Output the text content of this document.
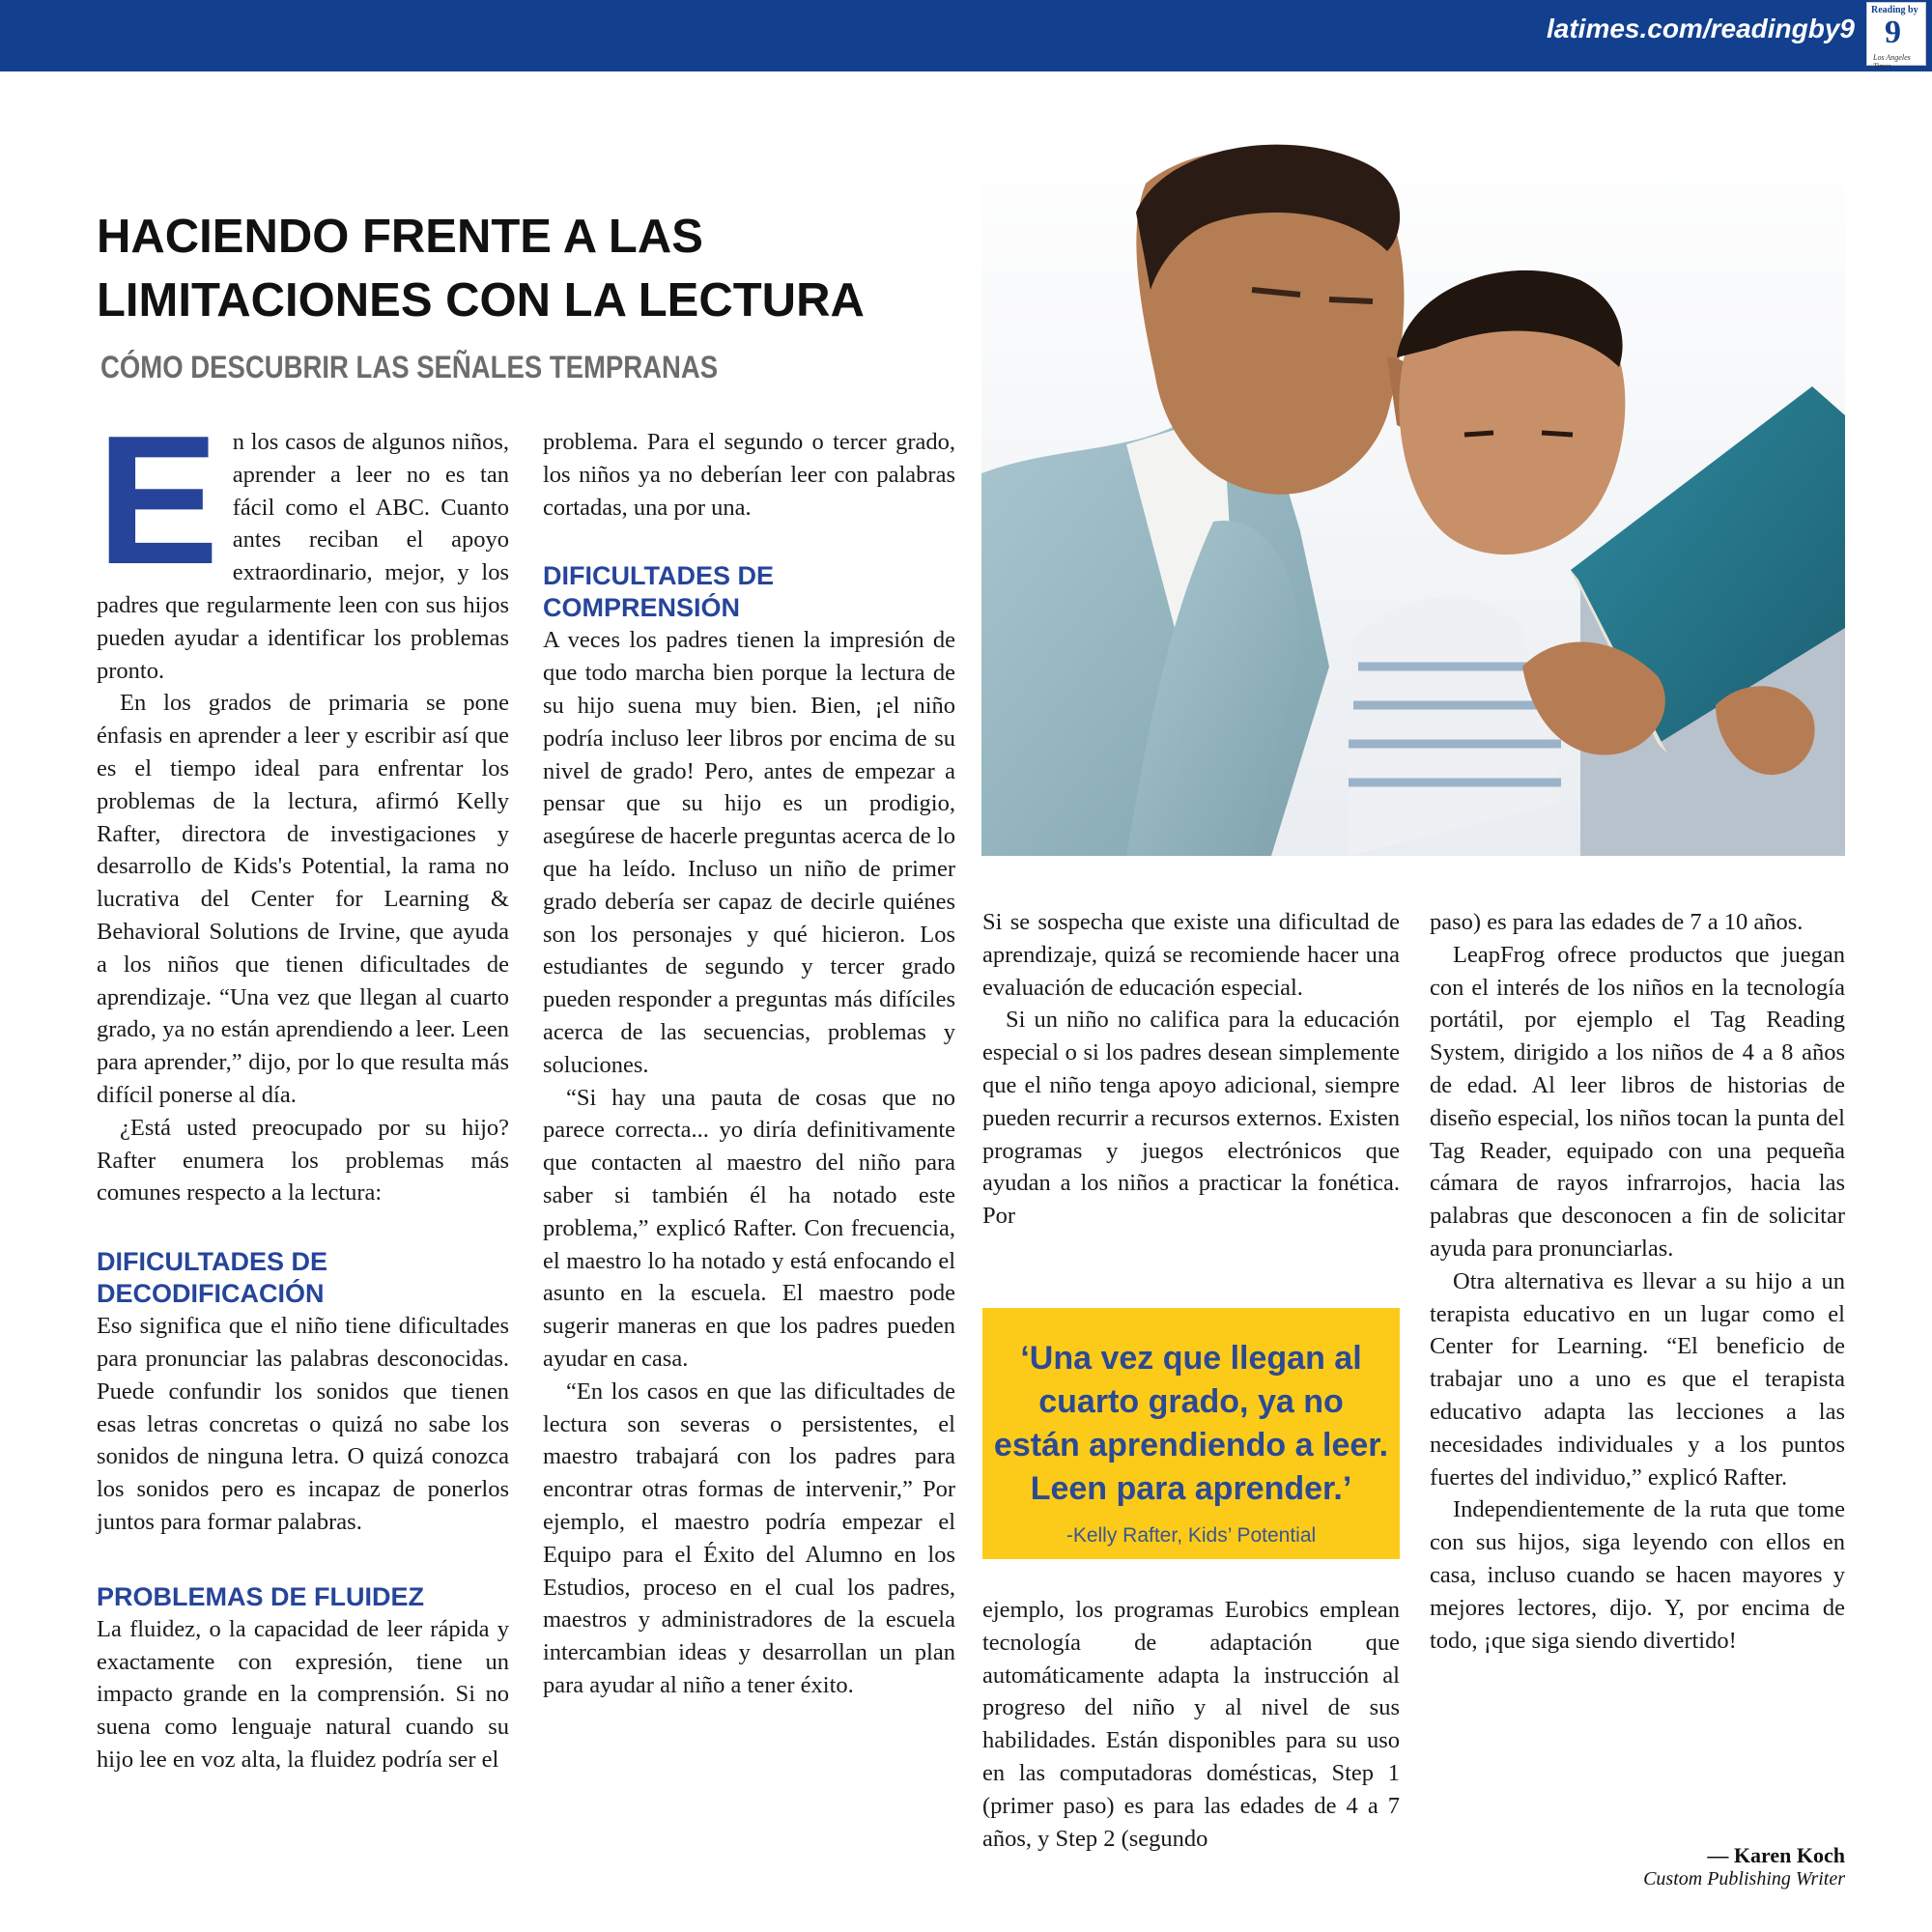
latimes.com/readingby9
Reading by
9
Los Angeles Times
HACIENDO FRENTE A LAS LIMITACIONES CON LA LECTURA
CÓMO DESCUBRIR LAS SEÑALES TEMPRANAS
E n los casos de algunos niños, aprender a leer no es tan fácil como el ABC. Cuanto antes reciban el apoyo extraordinario, mejor, y los padres que regularmente leen con sus hijos pueden ayudar a identificar los problemas pronto.

En los grados de primaria se pone énfasis en aprender a leer y escribir así que es el tiempo ideal para enfrentar los problemas de la lectura, afirmó Kelly Rafter, directora de investigaciones y desarrollo de Kids's Potential, la rama no lucrativa del Center for Learning & Behavioral Solutions de Irvine, que ayuda a los niños que tienen dificultades de aprendizaje. “Una vez que llegan al cuarto grado, ya no están aprendiendo a leer. Leen para aprender,” dijo, por lo que resulta más difícil ponerse al día.

¿Está usted preocupado por su hijo? Rafter enumera los problemas más comunes respecto a la lectura:

DIFICULTADES DE DECODIFICACIÓN

Eso significa que el niño tiene dificultades para pronunciar las palabras desconocidas. Puede confundir los sonidos que tienen esas letras concretas o quizá no sabe los sonidos de ninguna letra. O quizá conozca los sonidos pero es incapaz de ponerlos juntos para formar palabras.

PROBLEMAS DE FLUIDEZ

La fluidez, o la capacidad de leer rápida y exactamente con expresión, tiene un impacto grande en la comprensión. Si no suena como lenguaje natural cuando su hijo lee en voz alta, la fluidez podría ser el

problema. Para el segundo o tercer grado, los niños ya no deberían leer con palabras cortadas, una por una.

DIFICULTADES DE COMPRENSIÓN

A veces los padres tienen la impresión de que todo marcha bien porque la lectura de su hijo suena muy bien. Bien, ¡el niño podría incluso leer libros por encima de su nivel de grado! Pero, antes de empezar a pensar que su hijo es un prodigio, asegúrese de hacerle preguntas acerca de lo que ha leído. Incluso un niño de primer grado debería ser capaz de decirle quiénes son los personajes y qué hicieron. Los estudiantes de segundo y tercer grado pueden responder a preguntas más difíciles acerca de las secuencias, problemas y soluciones.

“Si hay una pauta de cosas que no parece correcta... yo diría definitivamente que contacten al maestro del niño para saber si también él ha notado este problema,” explicó Rafter. Con frecuencia, el maestro lo ha notado y está enfocando el asunto en la escuela. El maestro pode sugerir maneras en que los padres pueden ayudar en casa.

“En los casos en que las dificultades de lectura son severas o persistentes, el maestro trabajará con los padres para encontrar otras formas de intervenir,” Por ejemplo, el maestro podría empezar el Equipo para el Éxito del Alumno en los Estudios, proceso en el cual los padres, maestros y administradores de la escuela intercambian ideas y desarrollan un plan para ayudar al niño a tener éxito.

Si se sospecha que existe una dificultad de aprendizaje, quizá se recomiende hacer una evaluación de educación especial.

Si un niño no califica para la educación especial o si los padres desean simplemente que el niño tenga apoyo adicional, siempre pueden recurrir a recursos externos. Existen programas y juegos electrónicos que ayudan a los niños a practicar la fonética. Por

‘Una vez que llegan al cuarto grado, ya no están aprendiendo a leer. Leen para aprender.’
-Kelly Rafter, Kids’ Potential

ejemplo, los programas Eurobics emplean tecnología de adaptación que automáticamente adapta la instrucción al progreso del niño y al nivel de sus habilidades. Están disponibles para su uso en las computadoras domésticas, Step 1 (primer paso) es para las edades de 4 a 7 años, y Step 2 (segundo

paso) es para las edades de 7 a 10 años.

LeapFrog ofrece productos que juegan con el interés de los niños en la tecnología portátil, por ejemplo el Tag Reading System, dirigido a los niños de 4 a 8 años de edad. Al leer libros de historias de diseño especial, los niños tocan la punta del Tag Reader, equipado con una pequeña cámara de rayos infrarrojos, hacia las palabras que desconocen a fin de solicitar ayuda para pronunciarlas.

Otra alternativa es llevar a su hijo a un terapista educativo en un lugar como el Center for Learning. “El beneficio de trabajar uno a uno es que el terapista educativo adapta las lecciones a las necesidades individuales y a los puntos fuertes del individuo,” explicó Rafter.

Independientemente de la ruta que tome con sus hijos, siga leyendo con ellos en casa, incluso cuando se hacen mayores y mejores lectores, dijo. Y, por encima de todo, ¡que siga siendo divertido!

— Karen Koch
Custom Publishing Writer
